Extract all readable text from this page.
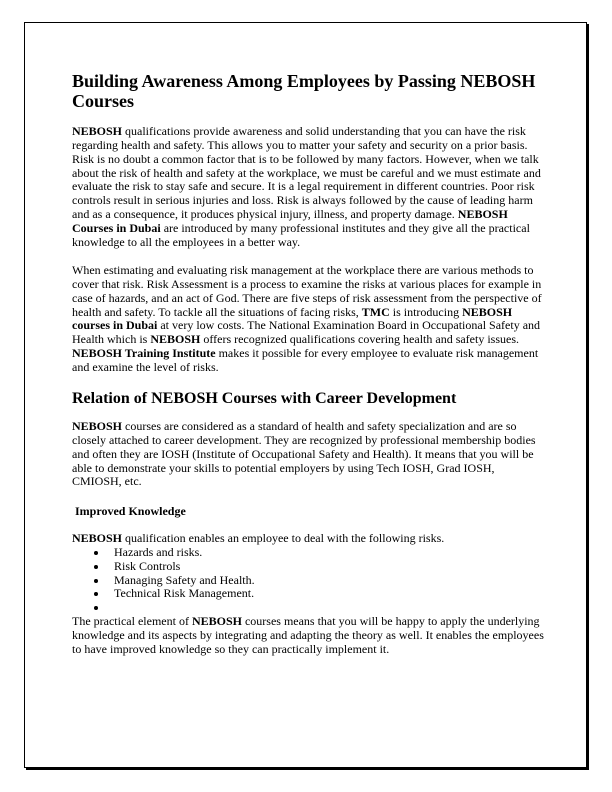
Building Awareness Among Employees by Passing NEBOSH Courses

NEBOSH qualifications provide awareness and solid understanding that you can have the risk regarding health and safety. This allows you to matter your safety and security on a prior basis. Risk is no doubt a common factor that is to be followed by many factors. However, when we talk about the risk of health and safety at the workplace, we must be careful and we must estimate and evaluate the risk to stay safe and secure. It is a legal requirement in different countries. Poor risk controls result in serious injuries and loss. Risk is always followed by the cause of leading harm and as a consequence, it produces physical injury, illness, and property damage. NEBOSH Courses in Dubai are introduced by many professional institutes and they give all the practical knowledge to all the employees in a better way.

When estimating and evaluating risk management at the workplace there are various methods to cover that risk. Risk Assessment is a process to examine the risks at various places for example in case of hazards, and an act of God. There are five steps of risk assessment from the perspective of health and safety. To tackle all the situations of facing risks, TMC is introducing NEBOSH courses in Dubai at very low costs. The National Examination Board in Occupational Safety and Health which is NEBOSH offers recognized qualifications covering health and safety issues. NEBOSH Training Institute makes it possible for every employee to evaluate risk management and examine the level of risks.

Relation of NEBOSH Courses with Career Development

NEBOSH courses are considered as a standard of health and safety specialization and are so closely attached to career development. They are recognized by professional membership bodies and often they are IOSH (Institute of Occupational Safety and Health). It means that you will be able to demonstrate your skills to potential employers by using Tech IOSH, Grad IOSH, CMIOSH, etc.

Improved Knowledge

NEBOSH qualification enables an employee to deal with the following risks.

• Hazards and risks.
• Risk Controls
• Managing Safety and Health.
• Technical Risk Management.
•

The practical element of NEBOSH courses means that you will be happy to apply the underlying knowledge and its aspects by integrating and adapting the theory as well. It enables the employees to have improved knowledge so they can practically implement it.
